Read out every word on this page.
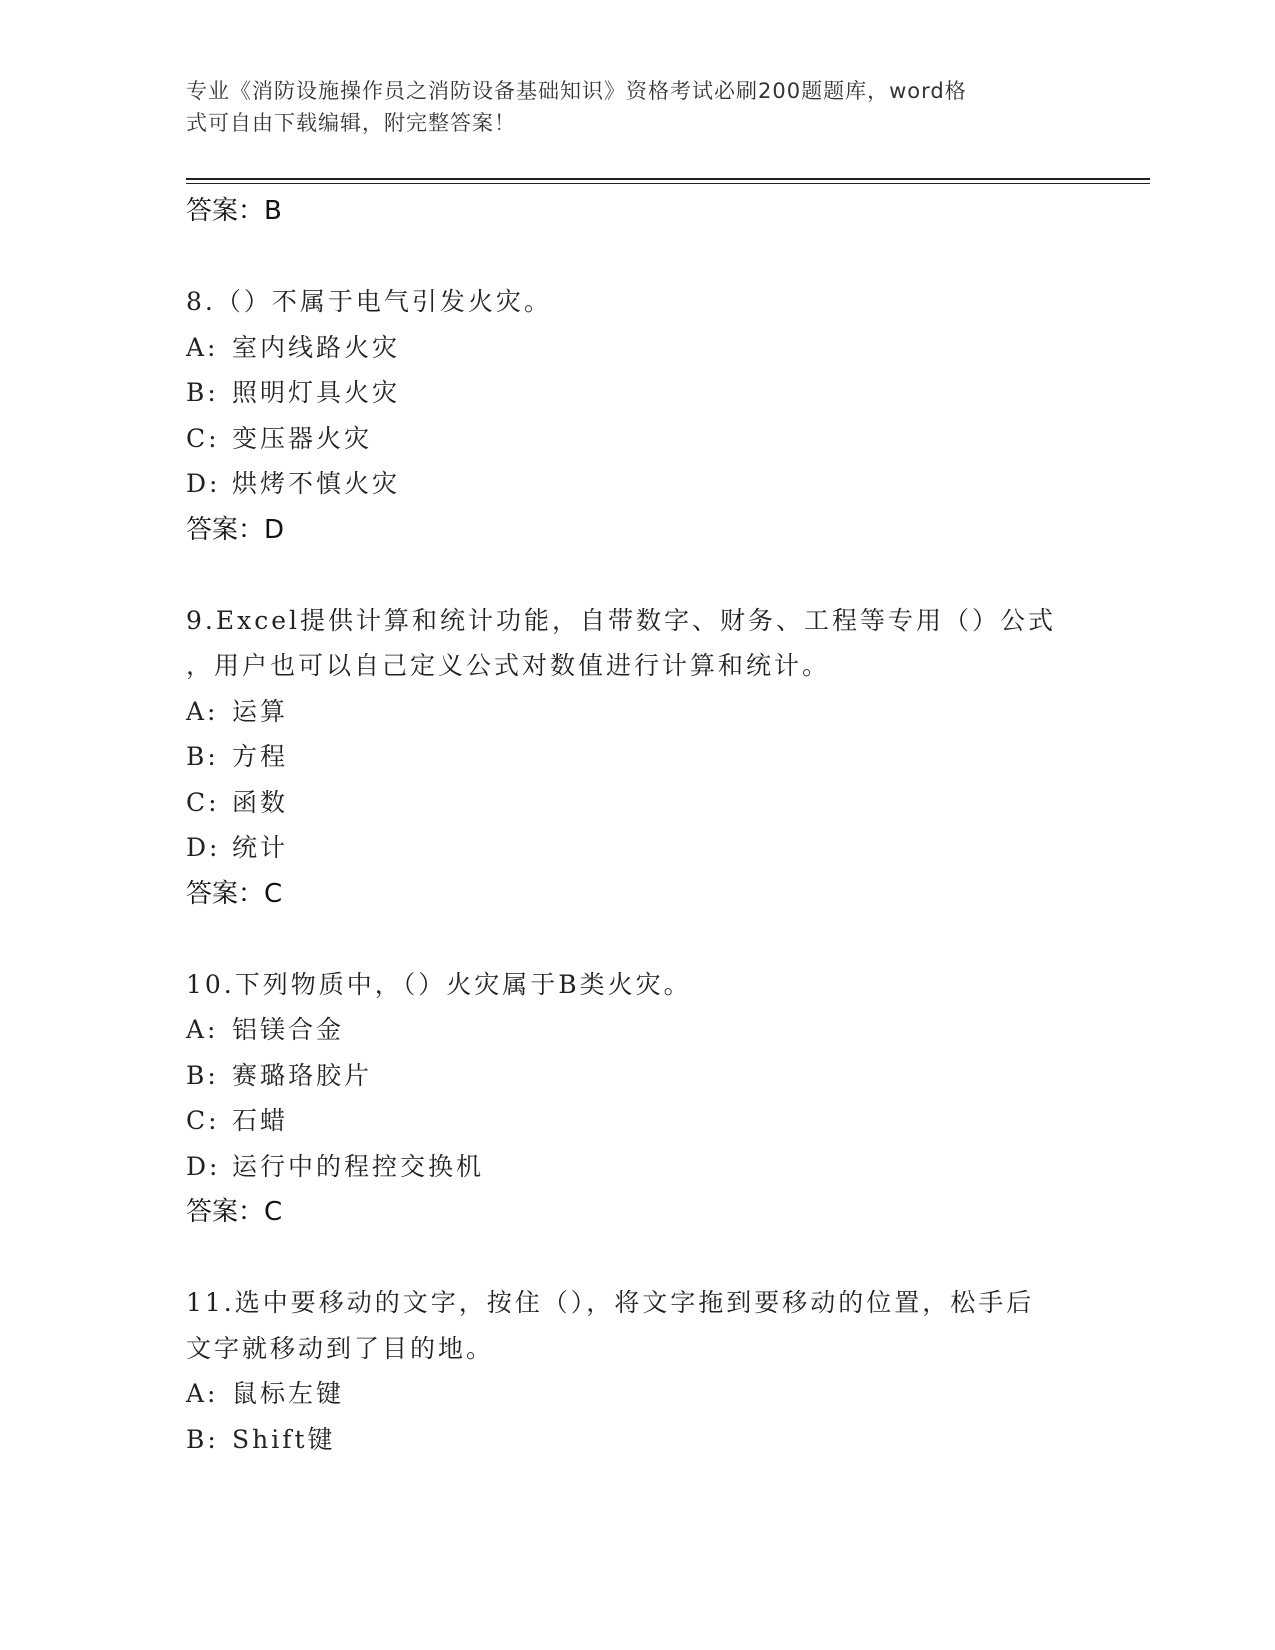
专业《消防设施操作员之消防设备基础知识》资格考试必刷200题题库，word格
式可自由下载编辑，附完整答案！
答案：B
8.（）不属于电气引发火灾。
A: 室内线路火灾
B: 照明灯具火灾
C: 变压器火灾
D: 烘烤不慎火灾
答案：D
9.Excel提供计算和统计功能，自带数字、财务、工程等专用（）公式
，用户也可以自己定义公式对数值进行计算和统计。
A: 运算
B: 方程
C: 函数
D: 统计
答案：C
10.下列物质中，（）火灾属于B类火灾。
A: 铝镁合金
B: 赛璐珞胶片
C: 石蜡
D: 运行中的程控交换机
答案：C
11.选中要移动的文字，按住（），将文字拖到要移动的位置，松手后
文字就移动到了目的地。
A: 鼠标左键
B: Shift键
